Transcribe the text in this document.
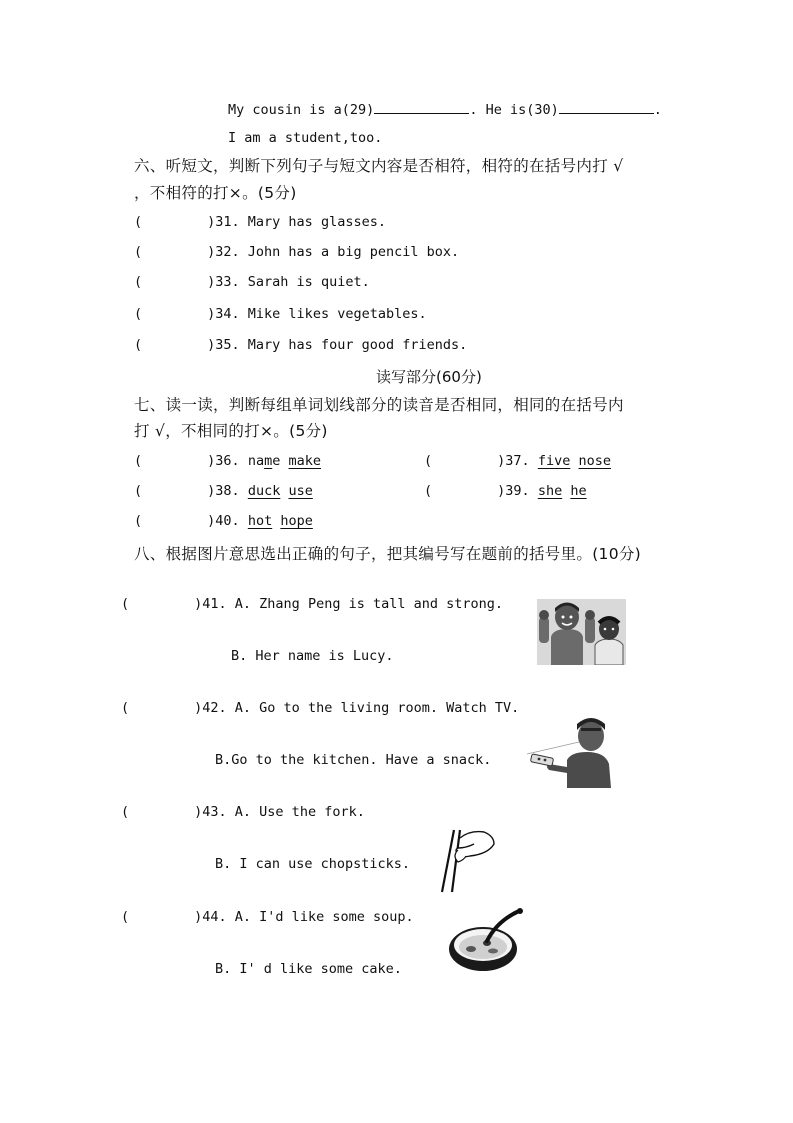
My cousin is a(29)	. He is(30)	.
I am a student,too.
六、听短文，判断下列句子与短文内容是否相符，相符的在括号内打 √
，不相符的打×。(5分)
(        )31. Mary has glasses.
(        )32. John has a big pencil box.
(        )33. Sarah is quiet.
(        )34. Mike likes vegetables.
(        )35. Mary has four good friends.
读写部分(60分)
七、读一读，判断每组单词划线部分的读音是否相同，相同的在括号内
打 √，不相同的打×。(5分)
(        )36. name make	(        )37. five nose
(        )38. duck use	(        )39. she he
(        )40. hot hope
八、根据图片意思选出正确的句子，把其编号写在题前的括号里。(10分)
(        )41. A. Zhang Peng is tall and strong.
B. Her name is Lucy.
(        )42. A. Go to the living room. Watch TV.
B.Go to the kitchen. Have a snack.
(        )43. A. Use the fork.
B. I can use chopsticks.
(        )44. A. I'd like some soup.
B. I' d like some cake.
